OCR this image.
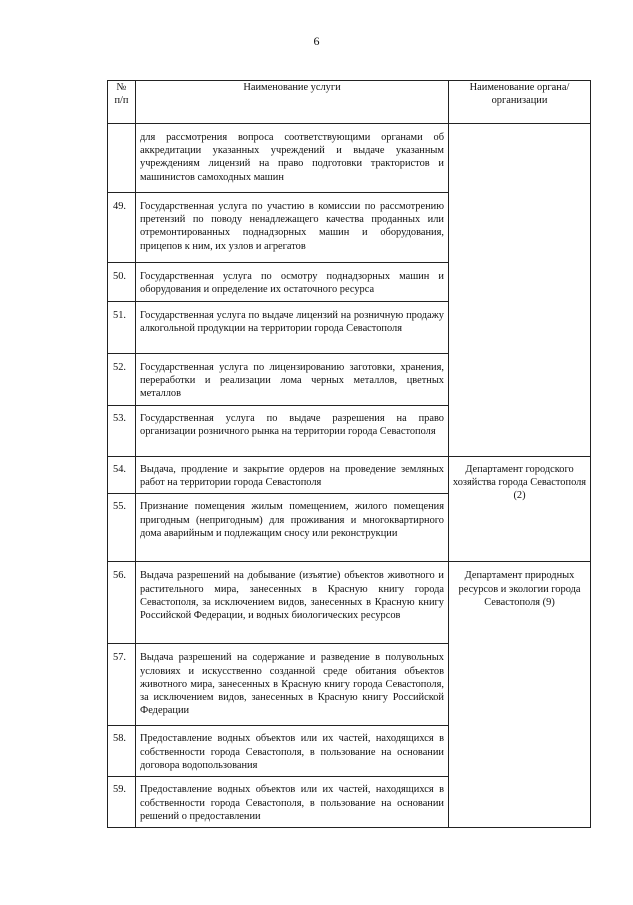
6
№ п/п	Наименование услуги	Наименование органа/организации
	для рассмотрения вопроса соответствующими органами об аккредитации указанных учреждений и выдаче указанным учреждениям лицензий на право подготовки трактористов и машинистов самоходных машин	
49.	Государственная услуга по участию в комиссии по рассмотрению претензий по поводу ненадлежащего качества проданных или отремонтированных поднадзорных машин и оборудования, прицепов к ним, их узлов и агрегатов	
50.	Государственная услуга по осмотру поднадзорных машин и оборудования и определение их остаточного ресурса	
51.	Государственная услуга по выдаче лицензий на розничную продажу алкогольной продукции на территории города Севастополя	
52.	Государственная услуга по лицензированию заготовки, хранения, переработки и реализации лома черных металлов, цветных металлов	
53.	Государственная услуга по выдаче разрешения на право организации розничного рынка на территории города Севастополя	
54.	Выдача, продление и закрытие ордеров на проведение земляных работ на территории города Севастополя	Департамент городского хозяйства города Севастополя (2)
55.	Признание помещения жилым помещением, жилого помещения пригодным (непригодным) для проживания и многоквартирного дома аварийным и подлежащим сносу или реконструкции	
56.	Выдача разрешений на добывание (изъятие) объектов животного и растительного мира, занесенных в Красную книгу города Севастополя, за исключением видов, занесенных в Красную книгу Российской Федерации, и водных биологических ресурсов	Департамент природных ресурсов и экологии города Севастополя (9)
57.	Выдача разрешений на содержание и разведение в полувольных условиях и искусственно созданной среде обитания объектов животного мира, занесенных в Красную книгу города Севастополя, за исключением видов, занесенных в Красную книгу Российской Федерации	
58.	Предоставление водных объектов или их частей, находящихся в собственности города Севастополя, в пользование на основании договора водопользования	
59.	Предоставление водных объектов или их частей, находящихся в собственности города Севастополя, в пользование на основании решений о предоставлении	
